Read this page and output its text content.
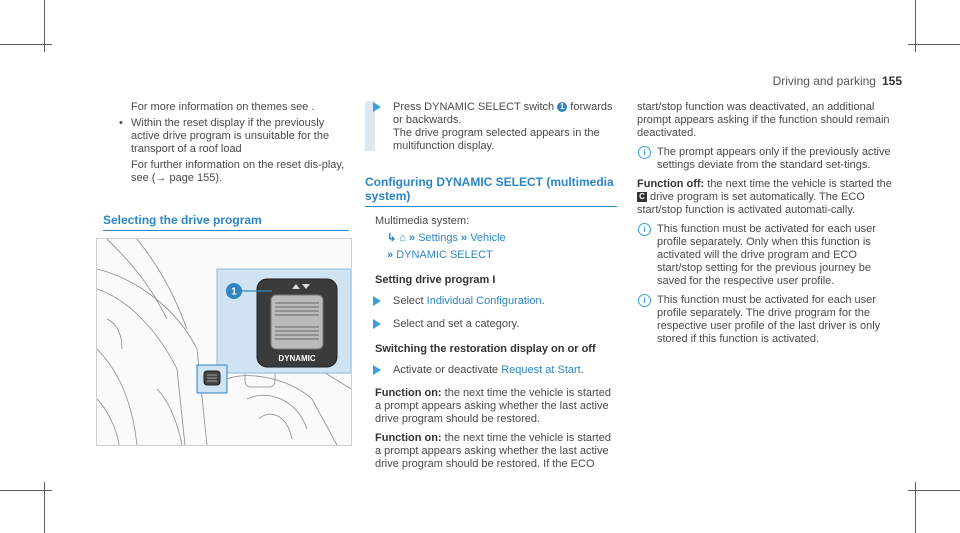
Driving and parking 155

For more information on themes see .

• Within the reset display if the previously active drive program is unsuitable for the transport of a roof load

For further information on the reset dis-play, see (→ page 155).

Selecting the drive program
DYNAMIC
1
Press DYNAMIC SELECT switch 1 forwards or backwards.
The drive program selected appears in the multifunction display.
Configuring DYNAMIC SELECT (multimedia system)

Multimedia system:

↳ ⌂ » Settings » Vehicle
» DYNAMIC SELECT
Setting drive program I
Select Individual Configuration.
Select and set a category.
Switching the restoration display on or off
Activate or deactivate Request at Start.

Function on: the next time the vehicle is started a prompt appears asking whether the last active drive program should be restored.

Function on: the next time the vehicle is started a prompt appears asking whether the last active drive program should be restored. If the ECO

start/stop function was deactivated, an additional prompt appears asking if the function should remain deactivated.

i	The prompt appears only if the previously active settings deviate from the standard set-tings.

Function off: the next time the vehicle is started the C drive program is set automatically. The ECO start/stop function is activated automati-cally.

i	This function must be activated for each user profile separately. Only when this function is activated will the drive program and ECO start/stop setting for the previous journey be saved for the respective user profile.
i	This function must be activated for each user profile separately. The drive program for the respective user profile of the last driver is only stored if this function is activated.
